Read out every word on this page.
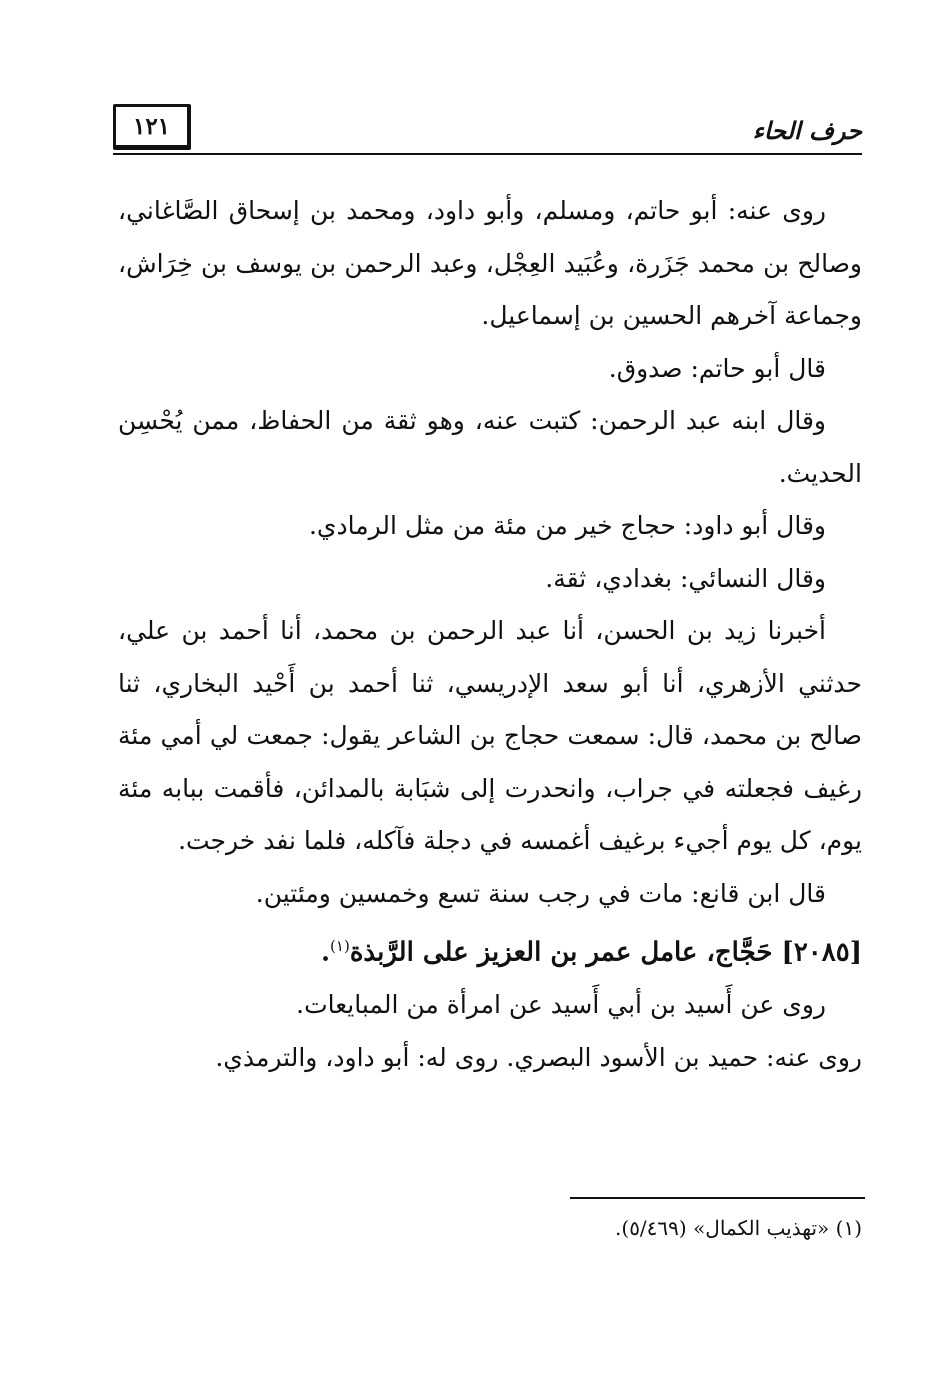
حرف الحاء
١٢١

روى عنه: أبو حاتم، ومسلم، وأبو داود، ومحمد بن إسحاق الصَّاغاني، وصالح بن محمد جَزَرة، وعُبَيد العِجْل، وعبد الرحمن بن يوسف بن خِرَاش، وجماعة آخرهم الحسين بن إسماعيل.

قال أبو حاتم: صدوق.

وقال ابنه عبد الرحمن: كتبت عنه، وهو ثقة من الحفاظ، ممن يُحْسِن الحديث.

وقال أبو داود: حجاج خير من مئة من مثل الرمادي.

وقال النسائي: بغدادي، ثقة.

أخبرنا زيد بن الحسن، أنا عبد الرحمن بن محمد، أنا أحمد بن علي، حدثني الأزهري، أنا أبو سعد الإدريسي، ثنا أحمد بن أَحْيد البخاري، ثنا صالح بن محمد، قال: سمعت حجاج بن الشاعر يقول: جمعت لي أمي مئة رغيف فجعلته في جراب، وانحدرت إلى شبَابة بالمدائن، فأقمت ببابه مئة يوم، كل يوم أجيء برغيف أغمسه في دجلة فآكله، فلما نفد خرجت.

قال ابن قانع: مات في رجب سنة تسع وخمسين ومئتين.

[٢٠٨٥] حَجَّاج، عامل عمر بن العزيز على الرَّبذة$^{(١)}$.

روى عن أَسيد بن أبي أَسيد عن امرأة من المبايعات.

روى عنه: حميد بن الأسود البصري. روى له: أبو داود، والترمذي.

(١) «تهذيب الكمال» (٥/٤٦٩).
